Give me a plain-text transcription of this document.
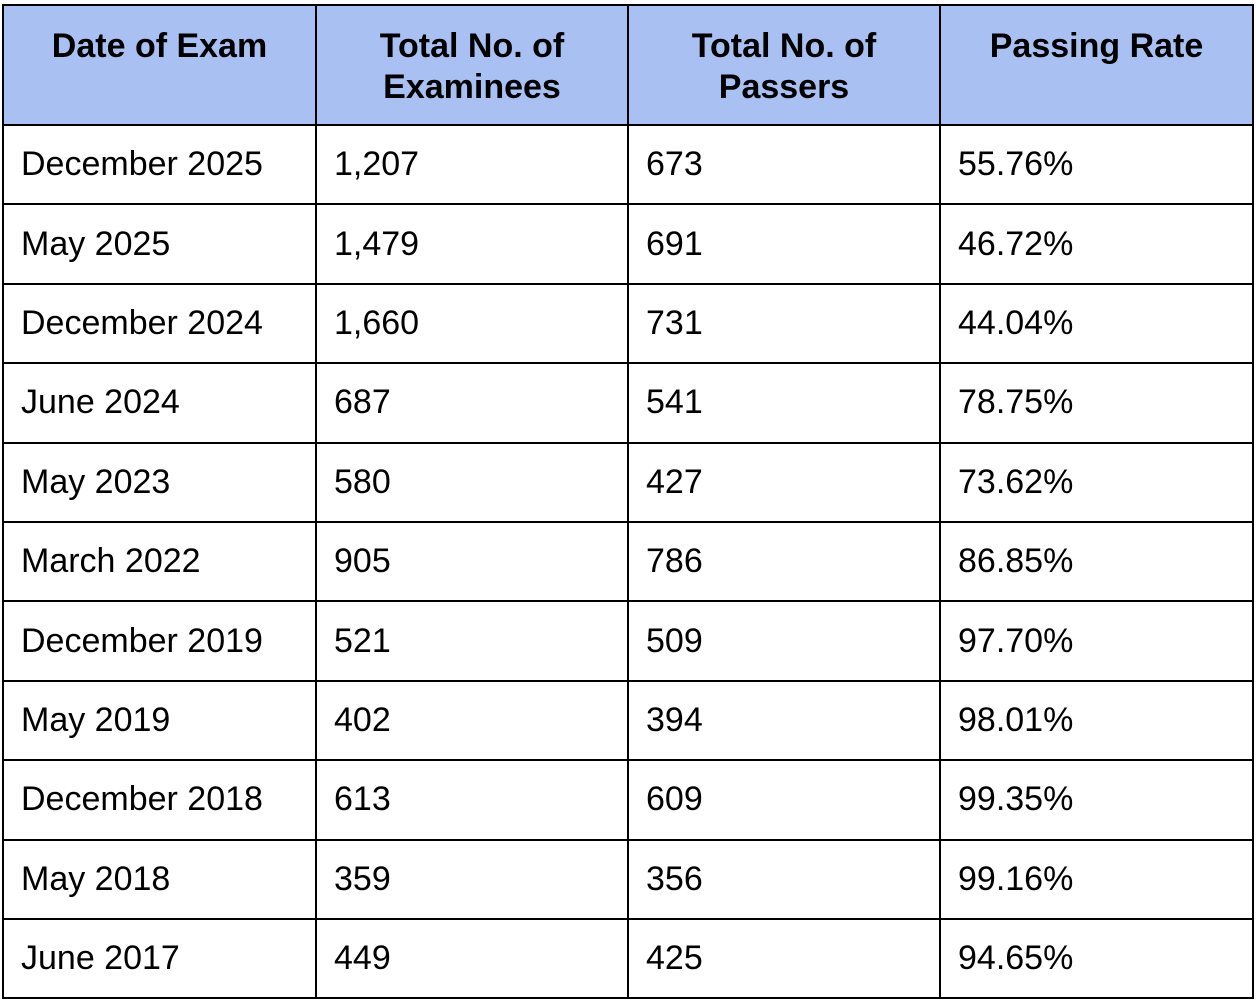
Date of Exam	Total No. of Examinees	Total No. of Passers	Passing Rate
December 2025	1,207	673	55.76%
May 2025	1,479	691	46.72%
December 2024	1,660	731	44.04%
June 2024	687	541	78.75%
May 2023	580	427	73.62%
March 2022	905	786	86.85%
December 2019	521	509	97.70%
May 2019	402	394	98.01%
December 2018	613	609	99.35%
May 2018	359	356	99.16%
June 2017	449	425	94.65%
